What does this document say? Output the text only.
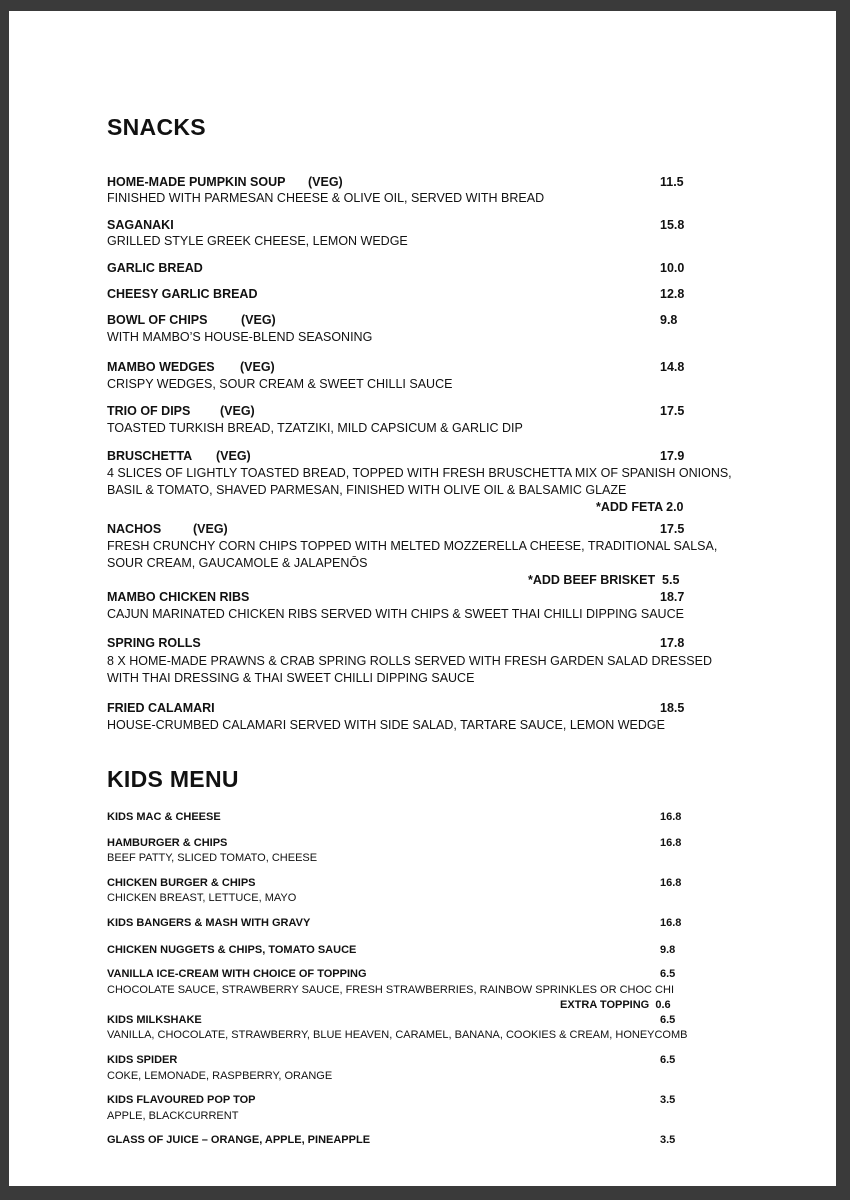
SNACKS
HOME-MADE PUMPKIN SOUP (VEG)	11.5
FINISHED WITH PARMESAN CHEESE & OLIVE OIL, SERVED WITH BREAD
SAGANAKI	15.8
GRILLED STYLE GREEK CHEESE, LEMON WEDGE
GARLIC BREAD	10.0
CHEESY GARLIC BREAD	12.8
BOWL OF CHIPS	(VEG)	9.8
WITH MAMBO’S HOUSE-BLEND SEASONING
MAMBO WEDGES (VEG)	14.8
CRISPY WEDGES, SOUR CREAM & SWEET CHILLI SAUCE
TRIO OF DIPS (VEG)	17.5
TOASTED TURKISH BREAD, TZATZIKI, MILD CAPSICUM & GARLIC DIP
BRUSCHETTA (VEG)	17.9
4 SLICES OF LIGHTLY TOASTED BREAD, TOPPED WITH FRESH BRUSCHETTA MIX OF SPANISH ONIONS,
BASIL & TOMATO, SHAVED PARMESAN, FINISHED WITH OLIVE OIL & BALSAMIC GLAZE
*ADD FETA 2.0
NACHOS	(VEG)	17.5
FRESH CRUNCHY CORN CHIPS TOPPED WITH MELTED MOZZERELLA CHEESE, TRADITIONAL SALSA,
SOUR CREAM, GAUCAMOLE & JALAPENŌS
*ADD BEEF BRISKET  5.5
MAMBO CHICKEN RIBS	18.7
CAJUN MARINATED CHICKEN RIBS SERVED WITH CHIPS & SWEET THAI CHILLI DIPPING SAUCE
SPRING ROLLS	17.8
8 X HOME-MADE PRAWNS & CRAB SPRING ROLLS SERVED WITH FRESH GARDEN SALAD DRESSED
WITH THAI DRESSING & THAI SWEET CHILLI DIPPING SAUCE
FRIED CALAMARI	18.5
HOUSE-CRUMBED CALAMARI SERVED WITH SIDE SALAD, TARTARE SAUCE, LEMON WEDGE
KIDS MENU
KIDS MAC & CHEESE	16.8
HAMBURGER & CHIPS	16.8
BEEF PATTY, SLICED TOMATO, CHEESE
CHICKEN BURGER & CHIPS	16.8
CHICKEN BREAST, LETTUCE, MAYO
KIDS BANGERS & MASH WITH GRAVY	16.8
CHICKEN NUGGETS & CHIPS, TOMATO SAUCE	9.8
VANILLA ICE-CREAM WITH CHOICE OF TOPPING	6.5
CHOCOLATE SAUCE, STRAWBERRY SAUCE, FRESH STRAWBERRIES, RAINBOW SPRINKLES OR CHOC CHI
EXTRA TOPPING  0.6
KIDS MILKSHAKE	6.5
VANILLA, CHOCOLATE, STRAWBERRY, BLUE HEAVEN, CARAMEL, BANANA, COOKIES & CREAM, HONEYCOMB
KIDS SPIDER	6.5
COKE, LEMONADE, RASPBERRY, ORANGE
KIDS FLAVOURED POP TOP	3.5
APPLE, BLACKCURRENT
GLASS OF JUICE – ORANGE, APPLE, PINEAPPLE	3.5
